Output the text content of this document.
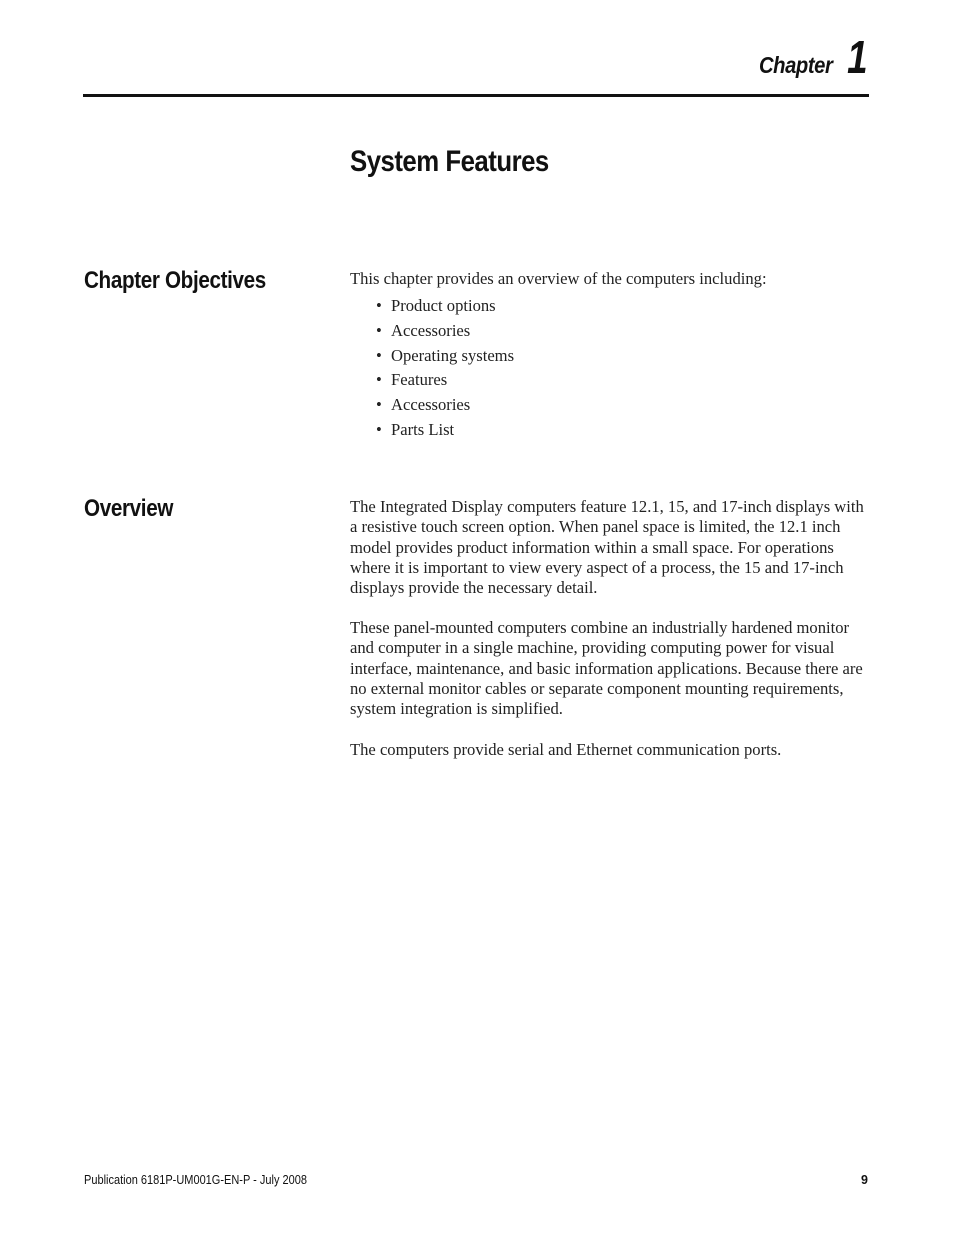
Chapter 1
System Features
Chapter Objectives	This chapter provides an overview of the computers including:

• Product options
• Accessories
• Operating systems
• Features
• Accessories
• Parts List
Overview	The Integrated Display computers feature 12.1, 15, and 17-inch displays with a resistive touch screen option. When panel space is limited, the 12.1 inch model provides product information within a small space. For operations where it is important to view every aspect of a process, the 15 and 17-inch displays provide the necessary detail.

These panel-mounted computers combine an industrially hardened monitor and computer in a single machine, providing computing power for visual interface, maintenance, and basic information applications. Because there are no external monitor cables or separate component mounting requirements, system integration is simplified.

The computers provide serial and Ethernet communication ports.

Publication 6181P-UM001G-EN-P - July 2008	9
